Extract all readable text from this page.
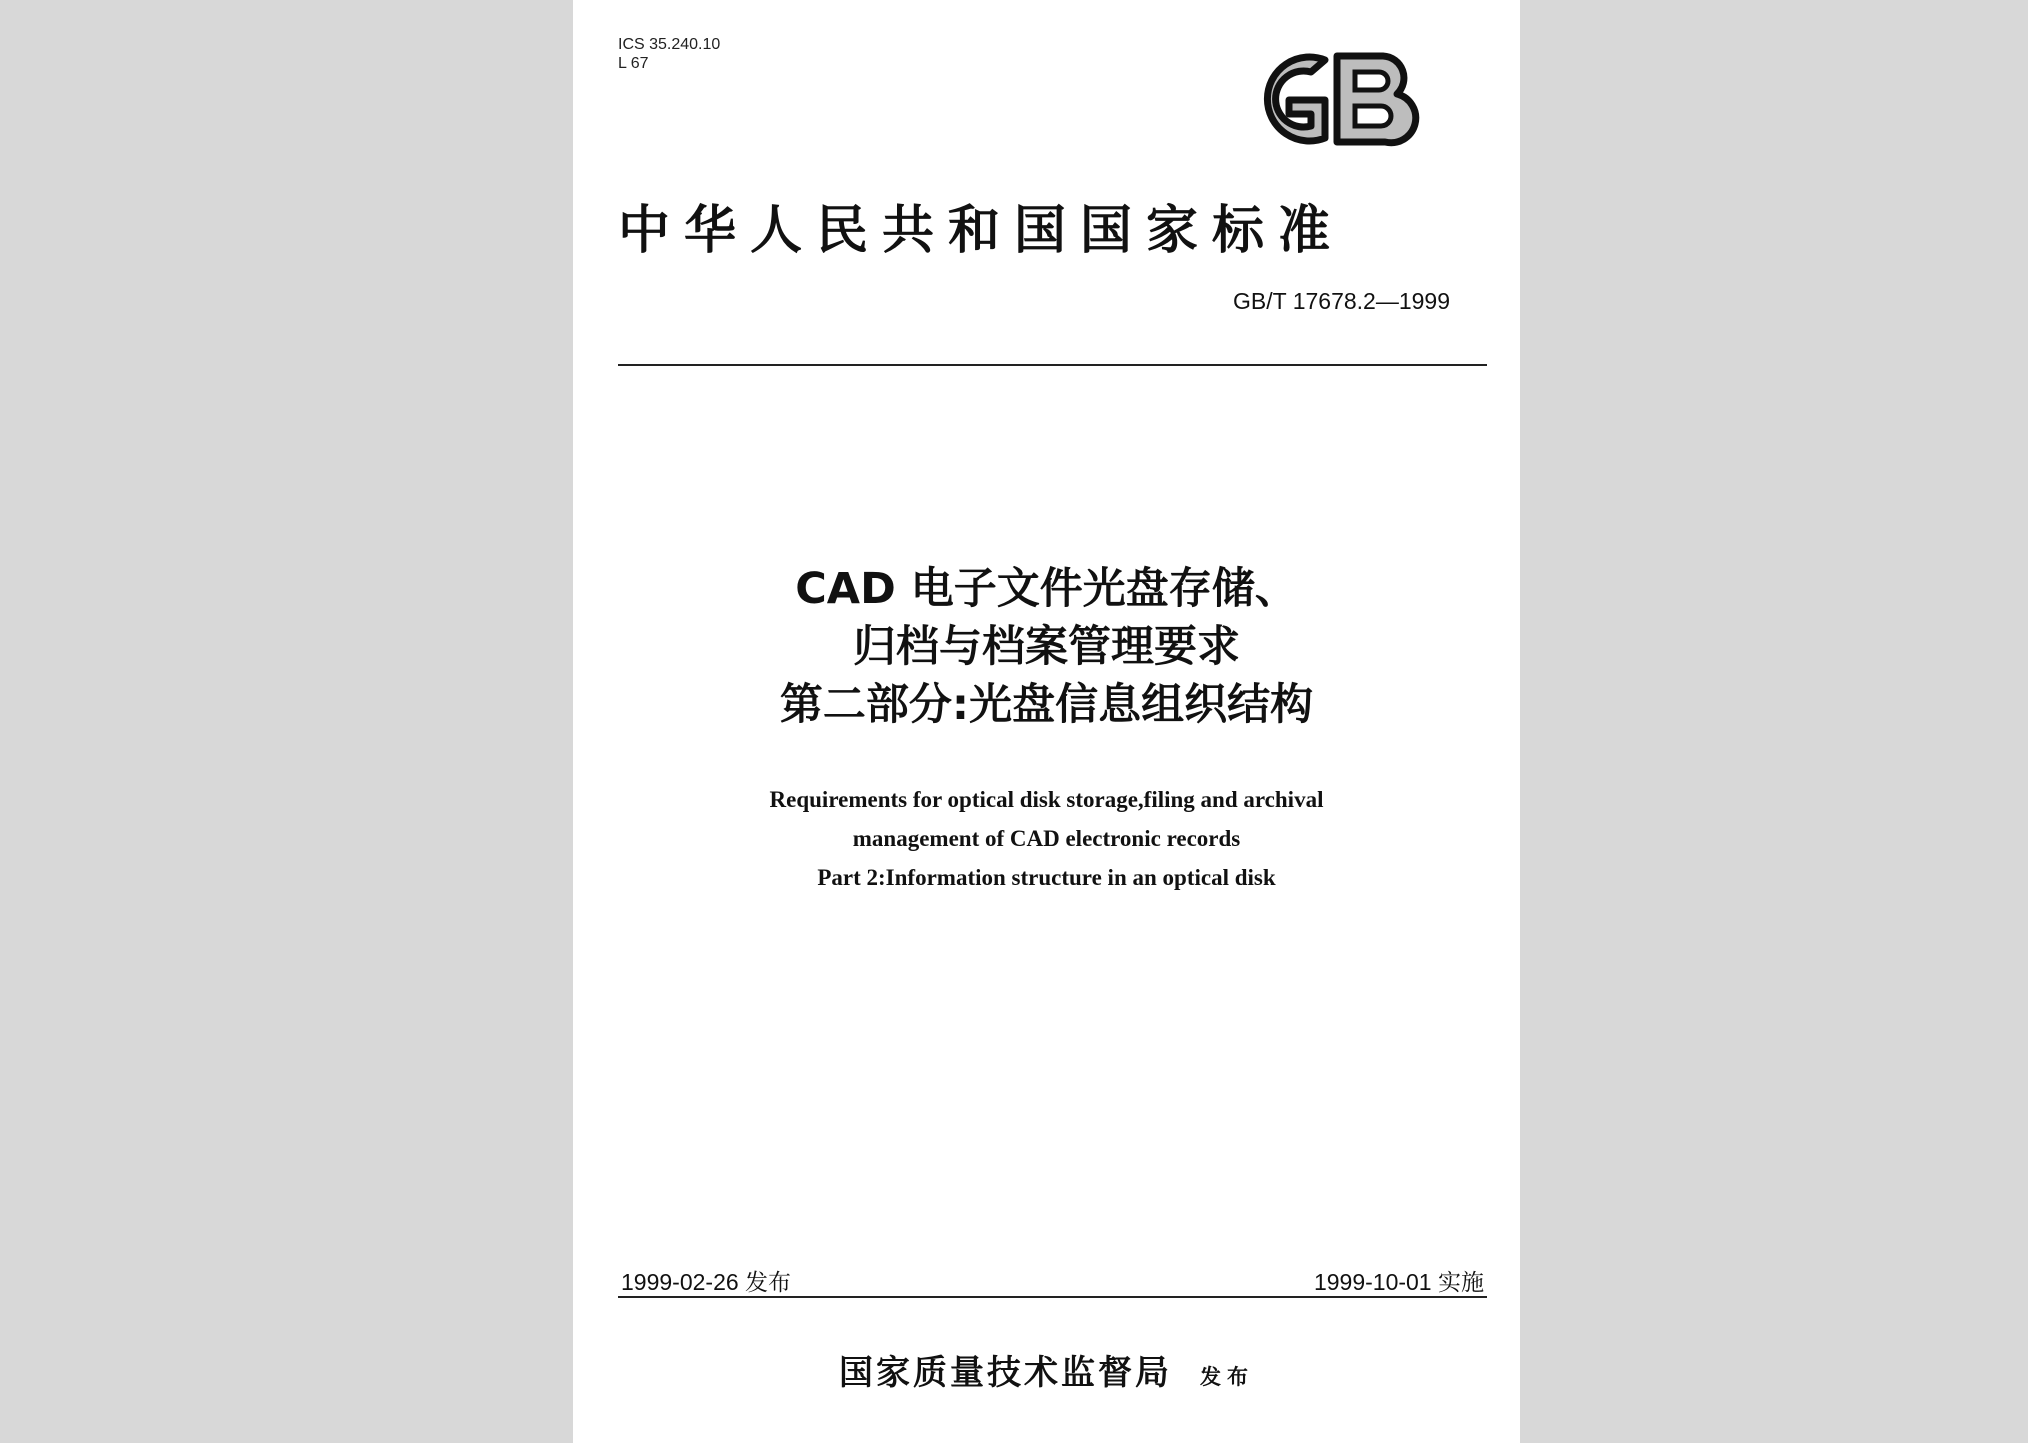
ICS 35.240.10
L 67
GB
中华人民共和国国家标准
GB/T 17678.2—1999
CAD 电子文件光盘存储、
归档与档案管理要求
第二部分:光盘信息组织结构
Requirements for optical disk storage,filing and archival
management of CAD electronic records
Part 2:Information structure in an optical disk
1999-02-26 发布	1999-10-01 实施
国家质量技术监督局 发布
